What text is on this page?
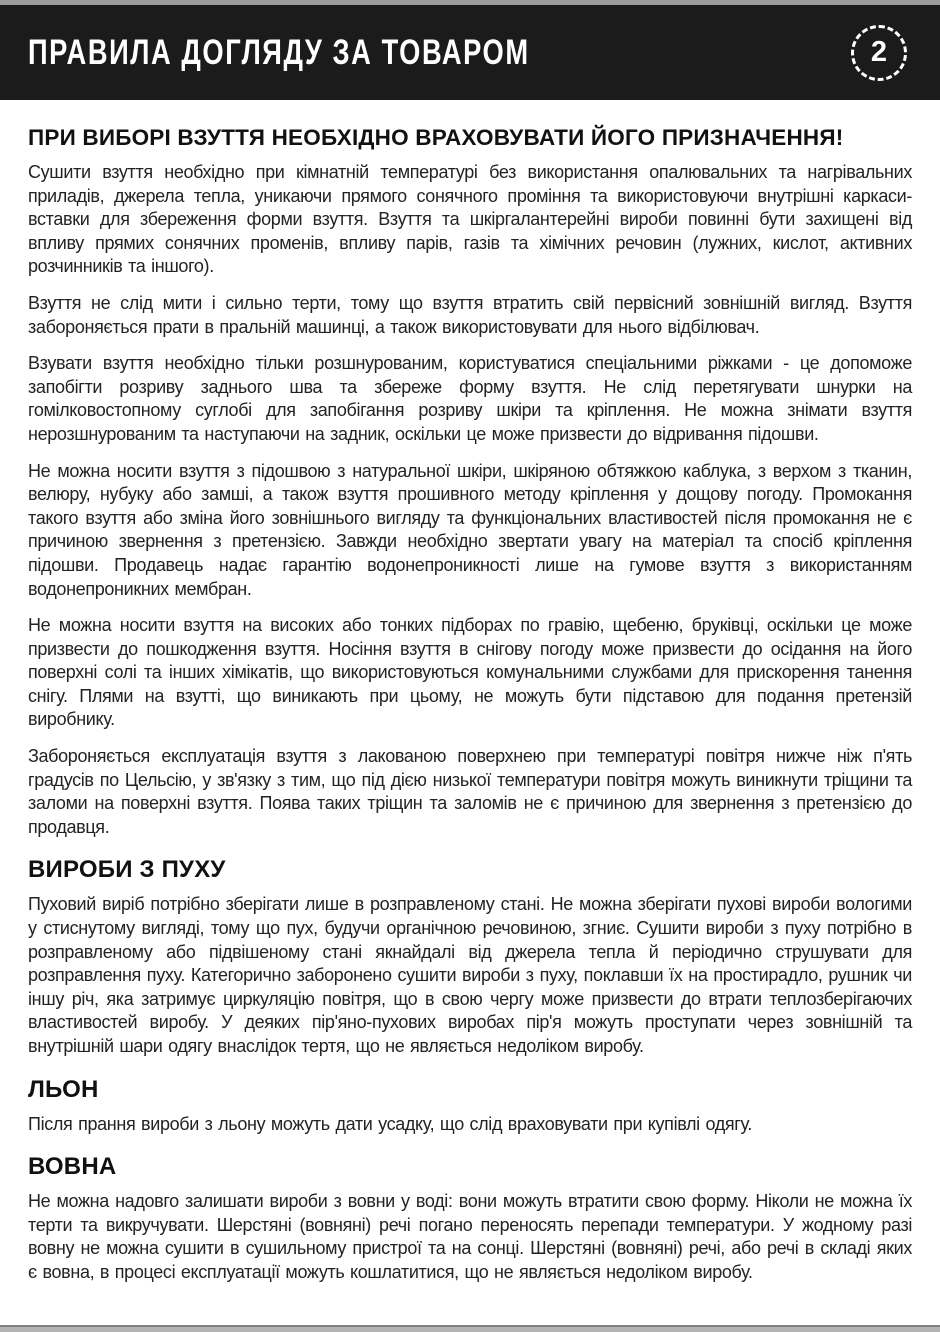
ПРАВИЛА ДОГЛЯДУ ЗА ТОВАРОМ	2
ПРИ ВИБОРІ ВЗУТТЯ НЕОБХІДНО ВРАХОВУВАТИ ЙОГО ПРИЗНАЧЕННЯ!

Сушити взуття необхідно при кімнатній температурі без використання опалювальних та нагрівальних приладів, джерела тепла, уникаючи прямого сонячного проміння та використовуючи внутрішні каркаси-вставки для збереження форми взуття. Взуття та шкіргалантерейні вироби повинні бути захищені від впливу прямих сонячних променів, впливу парів, газів та хімічних речовин (лужних, кислот, активних розчинників та іншого).

Взуття не слід мити і сильно терти, тому що взуття втратить свій первісний зовнішній вигляд. Взуття забороняється прати в пральній машинці, а також використовувати для нього відбілювач.

Взувати взуття необхідно тільки розшнурованим, користуватися спеціальними ріжками - це допоможе запобігти розриву заднього шва та збереже форму взуття. Не слід перетягувати шнурки на гомілковостопному суглобі для запобігання розриву шкіри та кріплення. Не можна знімати взуття нерозшнурованим та наступаючи на задник, оскільки це може призвести до відривання підошви.

Не можна носити взуття з підошвою з натуральної шкіри, шкіряною обтяжкою каблука, з верхом з тканин, велюру, нубуку або замші, а також взуття прошивного методу кріплення у дощову погоду. Промокання такого взуття або зміна його зовнішнього вигляду та функціональних властивостей після промокання не є причиною звернення з претензією. Завжди необхідно звертати увагу на матеріал та спосіб кріплення підошви. Продавець надає гарантію водонепроникності лише на гумове взуття з використанням водонепроникних мембран.

Не можна носити взуття на високих або тонких підборах по гравію, щебеню, бруківці, оскільки це може призвести до пошкодження взуття. Носіння взуття в снігову погоду може призвести до осідання на його поверхні солі та інших хімікатів, що використовуються комунальними службами для прискорення танення снігу. Плями на взутті, що виникають при цьому, не можуть бути підставою для подання претензій виробнику.

Забороняється експлуатація взуття з лакованою поверхнею при температурі повітря нижче ніж п'ять градусів по Цельсію, у зв'язку з тим, що під дією низької температури повітря можуть виникнути тріщини та заломи на поверхні взуття. Поява таких тріщин та заломів не є причиною для звернення з претензією до продавця.

ВИРОБИ З ПУХУ

Пуховий виріб потрібно зберігати лише в розправленому стані. Не можна зберігати пухові вироби вологими у стиснутому вигляді, тому що пух, будучи органічною речовиною, згниє. Сушити вироби з пуху потрібно в розправленому або підвішеному стані якнайдалі від джерела тепла й періодично струшувати для розправлення пуху. Категорично заборонено сушити вироби з пуху, поклавши їх на простирадло, рушник чи іншу річ, яка затримує циркуляцію повітря, що в свою чергу може призвести до втрати теплозберігаючих властивостей виробу. У деяких пір'яно-пухових виробах пір'я можуть проступати через зовнішній та внутрішній шари одягу внаслідок тертя, що не являється недоліком виробу.

ЛЬОН

Після прання вироби з льону можуть дати усадку, що слід враховувати при купівлі одягу.

ВОВНА

Не можна надовго залишати вироби з вовни у воді: вони можуть втратити свою форму. Ніколи не можна їх терти та викручувати. Шерстяні (вовняні) речі погано переносять перепади температури. У жодному разі вовну не можна сушити в сушильному пристрої та на сонці. Шерстяні (вовняні) речі, або речі в складі яких є вовна, в процесі експлуатації можуть кошлатитися, що не являється недоліком виробу.
